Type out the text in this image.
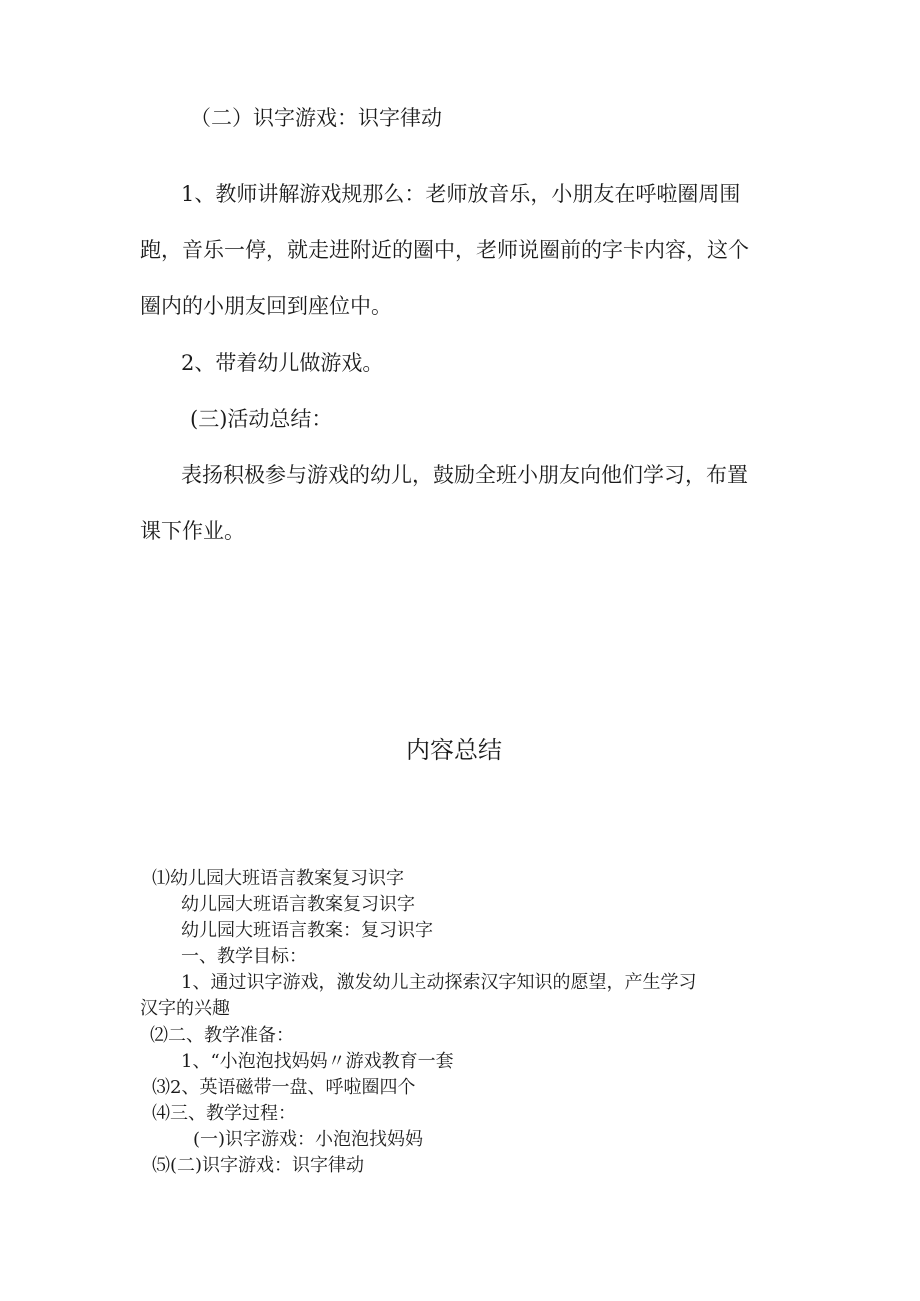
（二）识字游戏：识字律动
1、教师讲解游戏规那么：老师放音乐，小朋友在呼啦圈周围
跑，音乐一停，就走进附近的圈中，老师说圈前的字卡内容，这个
圈内的小朋友回到座位中。
2、带着幼儿做游戏。
(三)活动总结：
表扬积极参与游戏的幼儿，鼓励全班小朋友向他们学习，布置
课下作业。
内容总结
⑴幼儿园大班语言教案复习识字
幼儿园大班语言教案复习识字
幼儿园大班语言教案：复习识字
一、教学目标：
1、通过识字游戏，激发幼儿主动探索汉字知识的愿望，产生学习
汉字的兴趣
⑵二、教学准备：
1、“小泡泡找妈妈〃游戏教育一套
⑶2、英语磁带一盘、呼啦圈四个
⑷三、教学过程：
(一)识字游戏：小泡泡找妈妈
⑸(二)识字游戏：识字律动
